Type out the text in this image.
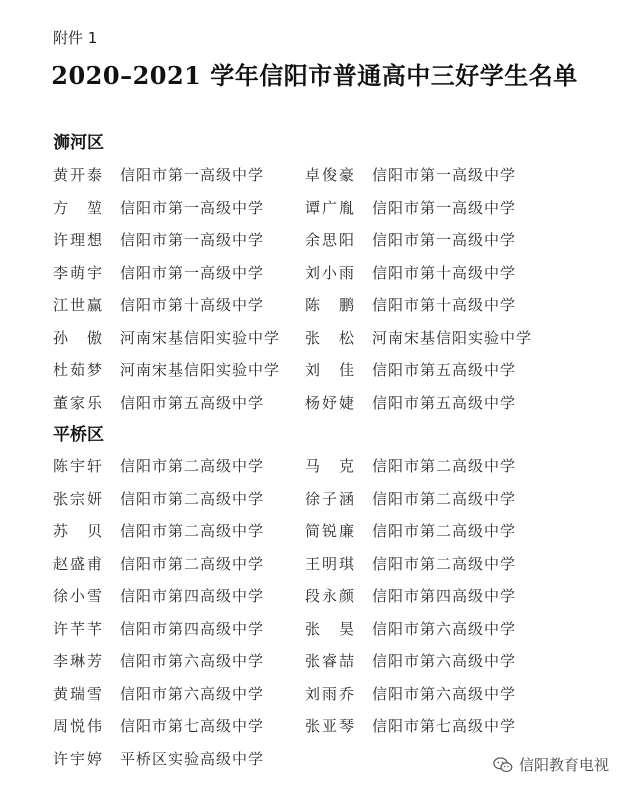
附件 1
2020–2021 学年信阳市普通高中三好学生名单
浉河区
黄开泰 信阳市第一高级中学	卓俊豪 信阳市第一高级中学
方　堃 信阳市第一高级中学	谭广胤 信阳市第一高级中学
许理想 信阳市第一高级中学	余思阳 信阳市第一高级中学
李萌宇 信阳市第一高级中学	刘小雨 信阳市第十高级中学
江世赢 信阳市第十高级中学	陈　鹏 信阳市第十高级中学
孙　傲 河南宋基信阳实验中学 张　松 河南宋基信阳实验中学
杜茹梦 河南宋基信阳实验中学 刘　佳 信阳市第五高级中学
董家乐 信阳市第五高级中学	杨妤婕 信阳市第五高级中学
平桥区
陈宇轩 信阳市第二高级中学	马　克 信阳市第二高级中学
张宗妍 信阳市第二高级中学	徐子涵 信阳市第二高级中学
苏　贝 信阳市第二高级中学	简锐廉 信阳市第二高级中学
赵盛甫 信阳市第二高级中学	王明琪 信阳市第二高级中学
徐小雪 信阳市第四高级中学	段永颜 信阳市第四高级中学
许芊芊 信阳市第四高级中学	张　昊 信阳市第六高级中学
李琳芳 信阳市第六高级中学	张睿喆 信阳市第六高级中学
黄瑞雪 信阳市第六高级中学	刘雨乔 信阳市第六高级中学
周悦伟 信阳市第七高级中学	张亚琴 信阳市第七高级中学
许宇婷 平桥区实验高级中学	信阳教育电视
